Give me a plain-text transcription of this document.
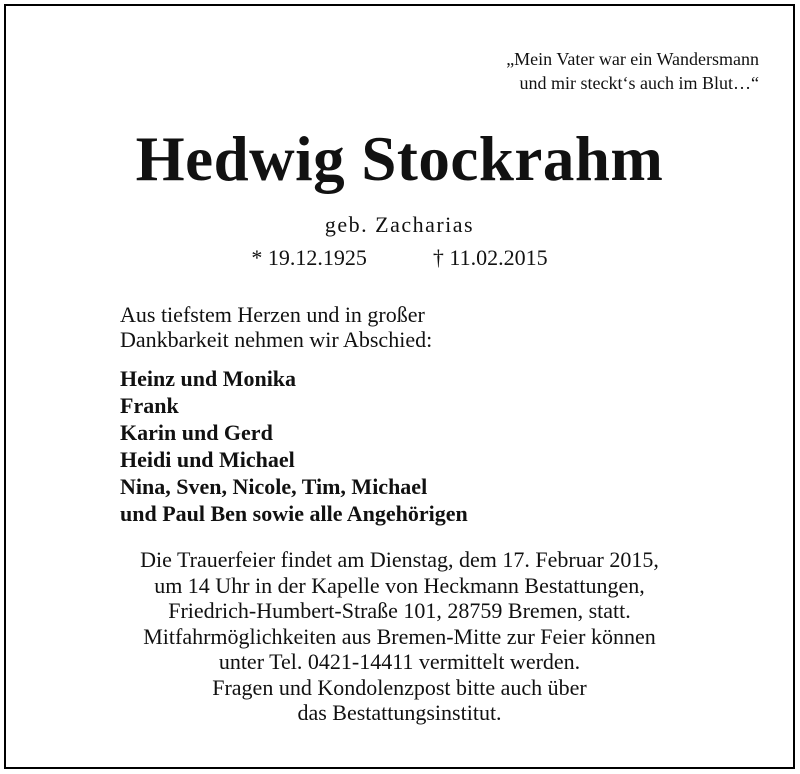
„Mein Vater war ein Wandersmann
und mir steckt‘s auch im Blut…“
Hedwig Stockrahm
geb. Zacharias
* 19.12.1925	† 11.02.2015
Aus tiefstem Herzen und in großer
Dankbarkeit nehmen wir Abschied:
Heinz und Monika
Frank
Karin und Gerd
Heidi und Michael
Nina, Sven, Nicole, Tim, Michael
und Paul Ben sowie alle Angehörigen
Die Trauerfeier findet am Dienstag, dem 17. Februar 2015,
um 14 Uhr in der Kapelle von Heckmann Bestattungen,
Friedrich-Humbert-Straße 101, 28759 Bremen, statt.
Mitfahrmöglichkeiten aus Bremen-Mitte zur Feier können
unter Tel. 0421-14411 vermittelt werden.
Fragen und Kondolenzpost bitte auch über
das Bestattungsinstitut.
